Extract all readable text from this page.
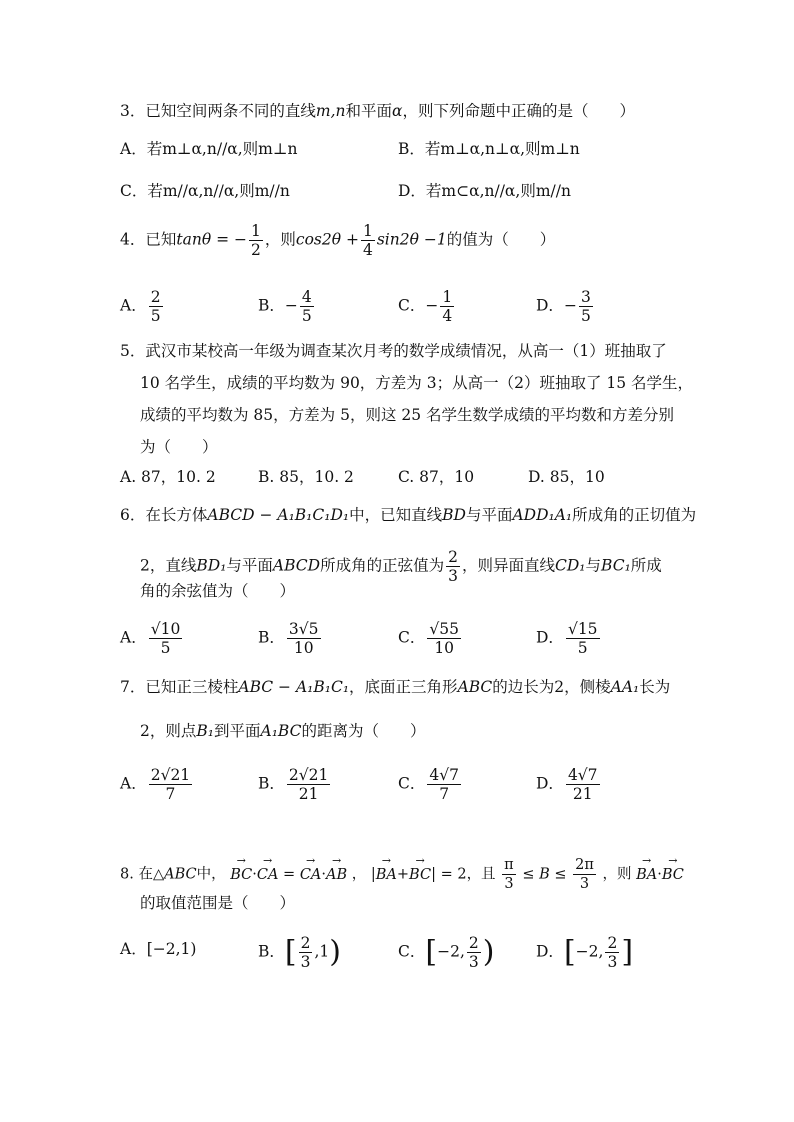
3．已知空间两条不同的直线m,n和平面α，则下列命题中正确的是（　　）
A．若m⊥α,n//α,则m⊥n	B．若m⊥α,n⊥α,则m⊥n
C．若m//α,n//α,则m//n	D．若m⊂α,n//α,则m//n
4．已知tanθ = − $\frac{1}{2}$ ，则$\cos 2\theta + \frac{1}{4} \sin 2\theta -1$的值为（　　）
A． $\frac{2}{5}$	B．− $\frac{4}{5}$	C．− $\frac{1}{4}$	D．− $\frac{3}{5}$
5．武汉市某校高一年级为调查某次月考的数学成绩情况，从高一（1）班抽取了
10 名学生，成绩的平均数为 90，方差为 3；从高一（2）班抽取了 15 名学生，
成绩的平均数为 85，方差为 5，则这 25 名学生数学成绩的平均数和方差分别
为（　　）
A. 87，10. 2	B. 85，10. 2	C. 87，10	D. 85，10
6．在长方体ABCD − A₁B₁C₁D₁中，已知直线BD与平面ADD₁A₁所成角的正切值为
2，直线BD₁与平面ABCD所成角的正弦值为 $\frac{2}{3}$ ，则异面直线CD₁与BC₁所成
角的余弦值为（　　）
A． $\frac{√10}{5}$	B． $\frac{3√5}{10}$	C． $\frac{√55}{10}$	D． $\frac{√15}{5}$
7．已知正三棱柱ABC − A₁B₁C₁，底面正三角形ABC的边长为2，侧棱AA₁长为
2，则点B₁到平面A₁BC的距离为（　　）
A． $\frac{2√21}{7}$	B． $\frac{2√21}{21}$	C． $\frac{4√7}{7}$	D． $\frac{4√7}{21}$
8. 在△ABC中， → BC·→ CA = → CA·→ AB ， |→ BA+→ BC| = 2，且 $\frac{\pi}{3} \le B \le \frac{2\pi}{3}$ ，则 → BA·→ BC
的取值范围是（　　）
A．[−2,1)	B．[ $\frac{2}{3} ,1$)	C．[−2, $\frac{2}{3}$ )	D．[−2, $\frac{2}{3}$ ]
